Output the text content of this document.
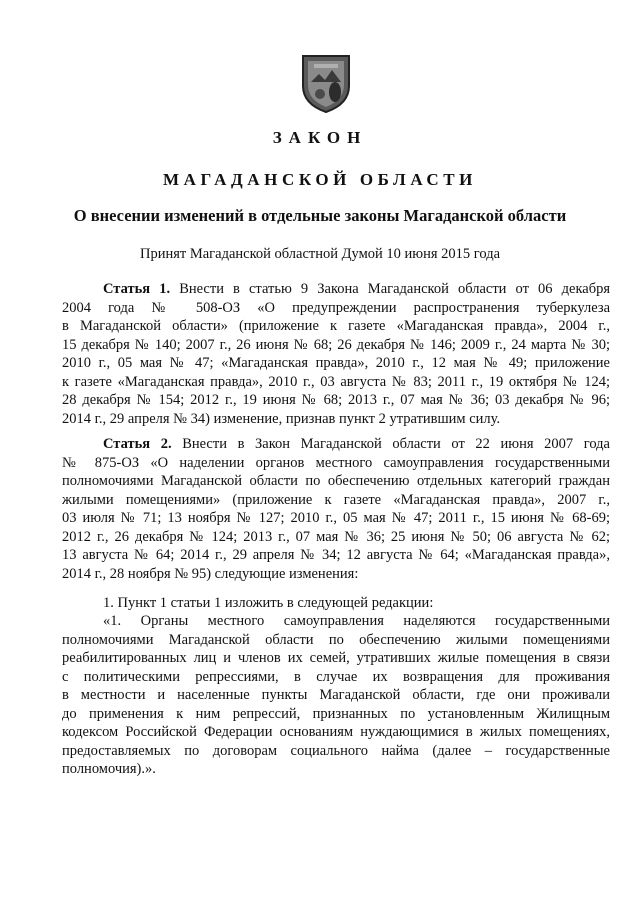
ЗАКОН
МАГАДАНСКОЙ ОБЛАСТИ
О внесении изменений в отдельные законы Магаданской области
Принят Магаданской областной Думой 10 июня 2015 года
Статья 1. Внести в статью 9 Закона Магаданской области от 06 декабря
2004 года № 508-ОЗ «О предупреждении распространения туберкулеза
в Магаданской области» (приложение к газете «Магаданская правда», 2004 г.,
15 декабря № 140; 2007 г., 26 июня № 68; 26 декабря № 146; 2009 г., 24 марта № 30;
2010 г., 05 мая № 47; «Магаданская правда», 2010 г., 12 мая № 49; приложение
к газете «Магаданская правда», 2010 г., 03 августа № 83; 2011 г., 19 октября № 124;
28 декабря № 154; 2012 г., 19 июня № 68; 2013 г., 07 мая № 36; 03 декабря № 96;
2014 г., 29 апреля № 34) изменение, признав пункт 2 утратившим силу.
Статья 2. Внести в Закон Магаданской области от 22 июня 2007 года
№ 875-ОЗ «О наделении органов местного самоуправления государственными
полномочиями Магаданской области по обеспечению отдельных категорий граждан
жилыми помещениями» (приложение к газете «Магаданская правда», 2007 г.,
03 июля № 71; 13 ноября № 127; 2010 г., 05 мая № 47; 2011 г., 15 июня № 68-69;
2012 г., 26 декабря № 124; 2013 г., 07 мая № 36; 25 июня № 50; 06 августа № 62;
13 августа № 64; 2014 г., 29 апреля № 34; 12 августа № 64; «Магаданская правда»,
2014 г., 28 ноября № 95) следующие изменения:
1. Пункт 1 статьи 1 изложить в следующей редакции:
«1. Органы местного самоуправления наделяются государственными
полномочиями Магаданской области по обеспечению жилыми помещениями
реабилитированных лиц и членов их семей, утративших жилые помещения в связи
с политическими репрессиями, в случае их возвращения для проживания
в местности и населенные пункты Магаданской области, где они проживали
до применения к ним репрессий, признанных по установленным Жилищным
кодексом Российской Федерации основаниям нуждающимися в жилых помещениях,
предоставляемых по договорам социального найма (далее – государственные
полномочия).».
